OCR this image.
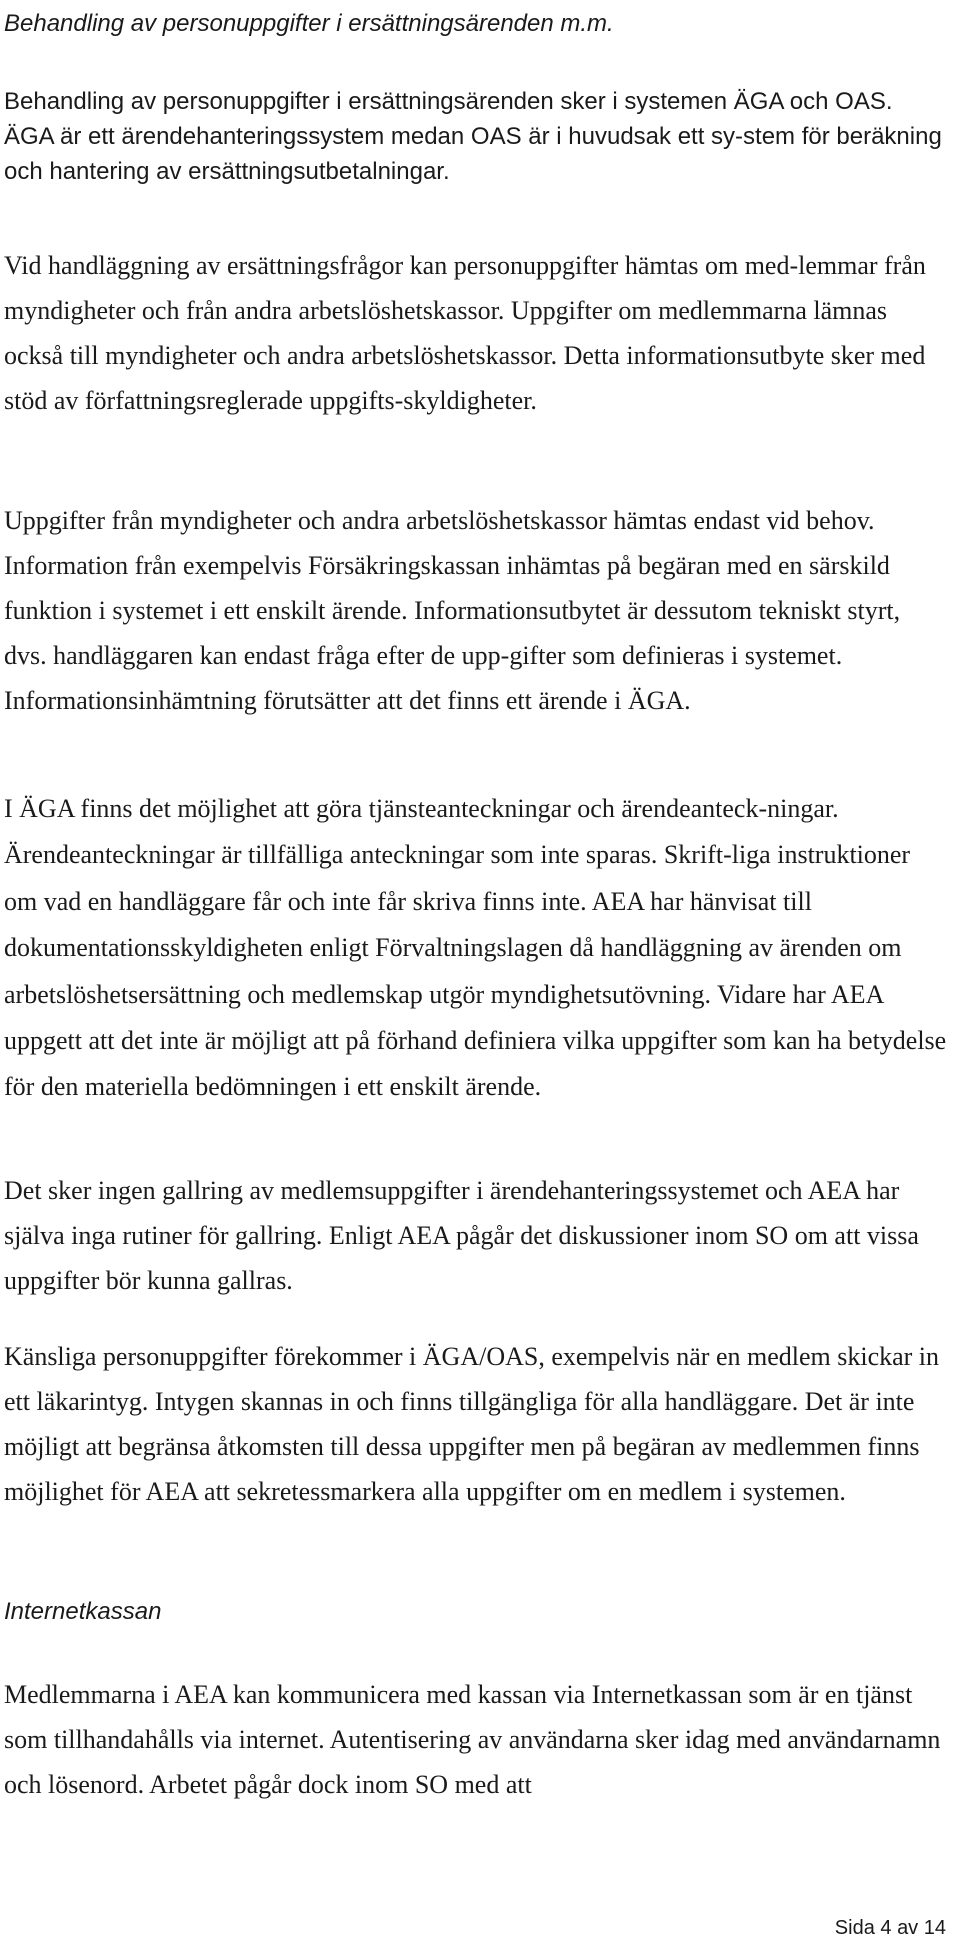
Behandling av personuppgifter i ersättningsärenden m.m.

Behandling av personuppgifter i ersättningsärenden sker i systemen ÄGA och OAS. ÄGA är ett ärendehanteringssystem medan OAS är i huvudsak ett sy-stem för beräkning och hantering av ersättningsutbetalningar.

Vid handläggning av ersättningsfrågor kan personuppgifter hämtas om med-lemmar från myndigheter och från andra arbetslöshetskassor. Uppgifter om medlemmarna lämnas också till myndigheter och andra arbetslöshetskassor. Detta informationsutbyte sker med stöd av författningsreglerade uppgifts-skyldigheter.

Uppgifter från myndigheter och andra arbetslöshetskassor hämtas endast vid behov. Information från exempelvis Försäkringskassan inhämtas på begäran med en särskild funktion i systemet i ett enskilt ärende. Informationsutbytet är dessutom tekniskt styrt, dvs. handläggaren kan endast fråga efter de upp-gifter som definieras i systemet. Informationsinhämtning förutsätter att det finns ett ärende i ÄGA.

I ÄGA finns det möjlighet att göra tjänsteanteckningar och ärendeanteck-ningar. Ärendeanteckningar är tillfälliga anteckningar som inte sparas. Skrift-liga instruktioner om vad en handläggare får och inte får skriva finns inte. AEA har hänvisat till dokumentationsskyldigheten enligt Förvaltningslagen då handläggning av ärenden om arbetslöshetsersättning och medlemskap utgör myndighetsutövning. Vidare har AEA uppgett att det inte är möjligt att på förhand definiera vilka uppgifter som kan ha betydelse för den materiella bedömningen i ett enskilt ärende.

Det sker ingen gallring av medlemsuppgifter i ärendehanteringssystemet och AEA har själva inga rutiner för gallring. Enligt AEA pågår det diskussioner inom SO om att vissa uppgifter bör kunna gallras.

Känsliga personuppgifter förekommer i ÄGA/OAS, exempelvis när en medlem skickar in ett läkarintyg. Intygen skannas in och finns tillgängliga för alla handläggare. Det är inte möjligt att begränsa åtkomsten till dessa uppgifter men på begäran av medlemmen finns möjlighet för AEA att sekretessmarkera alla uppgifter om en medlem i systemen.

Internetkassan

Medlemmarna i AEA kan kommunicera med kassan via Internetkassan som är en tjänst som tillhandahålls via internet. Autentisering av användarna sker idag med användarnamn och lösenord. Arbetet pågår dock inom SO med att

Sida 4 av 14
